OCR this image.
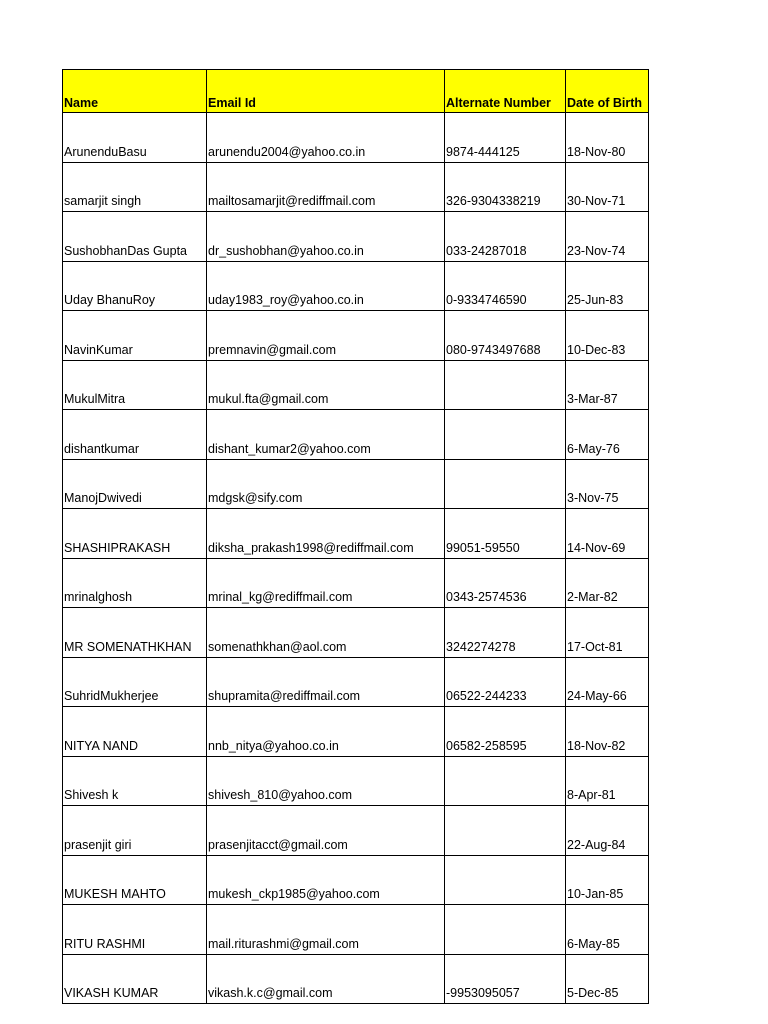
Name	Email Id	Alternate Number	Date of Birth
ArunenduBasu	arunendu2004@yahoo.co.in	9874-444125	18-Nov-80
samarjit singh	mailtosamarjit@rediffmail.com	326-9304338219	30-Nov-71
SushobhanDas Gupta	dr_sushobhan@yahoo.co.in	033-24287018	23-Nov-74
Uday BhanuRoy	uday1983_roy@yahoo.co.in	0-9334746590	25-Jun-83
NavinKumar	premnavin@gmail.com	080-9743497688	10-Dec-83
MukulMitra	mukul.fta@gmail.com		3-Mar-87
dishantkumar	dishant_kumar2@yahoo.com		6-May-76
ManojDwivedi	mdgsk@sify.com		3-Nov-75
SHASHIPRAKASH	diksha_prakash1998@rediffmail.com	99051-59550	14-Nov-69
mrinalghosh	mrinal_kg@rediffmail.com	0343-2574536	2-Mar-82
MR SOMENATHKHAN	somenathkhan@aol.com	3242274278	17-Oct-81
SuhridMukherjee	shupramita@rediffmail.com	06522-244233	24-May-66
NITYA NAND	nnb_nitya@yahoo.co.in	06582-258595	18-Nov-82
Shivesh k	shivesh_810@yahoo.com		8-Apr-81
prasenjit giri	prasenjitacct@gmail.com		22-Aug-84
MUKESH MAHTO	mukesh_ckp1985@yahoo.com		10-Jan-85
RITU RASHMI	mail.riturashmi@gmail.com		6-May-85
VIKASH KUMAR	vikash.k.c@gmail.com	-9953095057	5-Dec-85
